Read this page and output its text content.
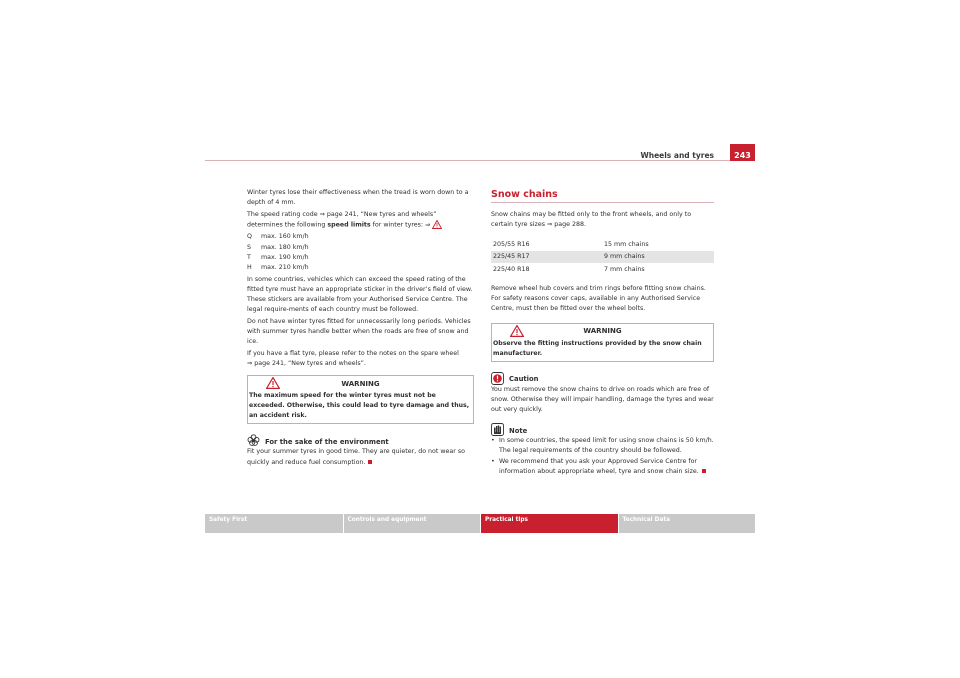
Wheels and tyres	243

Winter tyres lose their effectiveness when the tread is worn down to a depth of 4 mm.

The speed rating code ⇒ page 241, “New tyres and wheels” determines the following speed limits for winter tyres: ⇒

Q	max. 160 km/h
S	max. 180 km/h
T	max. 190 km/h
H	max. 210 km/h

In some countries, vehicles which can exceed the speed rating of the fitted tyre must have an appropriate sticker in the driver’s field of view. These stickers are available from your Authorised Service Centre. The legal require-ments of each country must be followed.

Do not have winter tyres fitted for unnecessarily long periods. Vehicles with summer tyres handle better when the roads are free of snow and ice.

If you have a flat tyre, please refer to the notes on the spare wheel
⇒ page 241, “New tyres and wheels”.

WARNING
The maximum speed for the winter tyres must not be exceeded. Otherwise, this could lead to tyre damage and thus, an accident risk.
For the sake of the environment

Fit your summer tyres in good time. They are quieter, do not wear so quickly and reduce fuel consumption.

Snow chains

Snow chains may be fitted only to the front wheels, and only to certain tyre sizes ⇒ page 288.

205/55 R16	15 mm chains
225/45 R17	9 mm chains
225/40 R18	7 mm chains

Remove wheel hub covers and trim rings before fitting snow chains. For safety reasons cover caps, available in any Authorised Service Centre, must then be fitted over the wheel bolts.

WARNING
Observe the fitting instructions provided by the snow chain manufacturer.
Caution

You must remove the snow chains to drive on roads which are free of snow. Otherwise they will impair handling, damage the tyres and wear out very quickly.

Note
• In some countries, the speed limit for using snow chains is 50 km/h. The legal requirements of the country should be followed.
• We recommend that you ask your Approved Service Centre for information about appropriate wheel, tyre and snow chain size.
Safety First	Controls and equipment	Practical tips	Technical Data
